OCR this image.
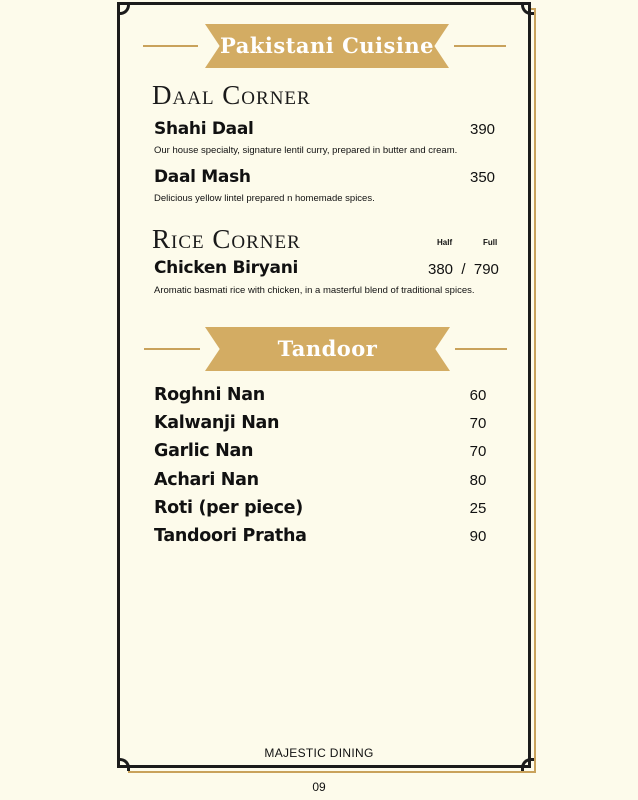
Pakistani Cuisine
Daal Corner
Shahi Daal	390
Our house specialty, signature lentil curry, prepared in butter and cream.
Daal Mash	350
Delicious yellow lintel prepared n homemade spices.
Rice Corner	Half	Full
Chicken Biryani	380  /  790
Aromatic basmati rice with chicken, in a masterful blend of traditional spices.
Tandoor
Roghni Nan	60
Kalwanji Nan	70
Garlic Nan	70
Achari Nan	80
Roti (per piece)	25
Tandoori Pratha	90
MAJESTIC DINING
09
